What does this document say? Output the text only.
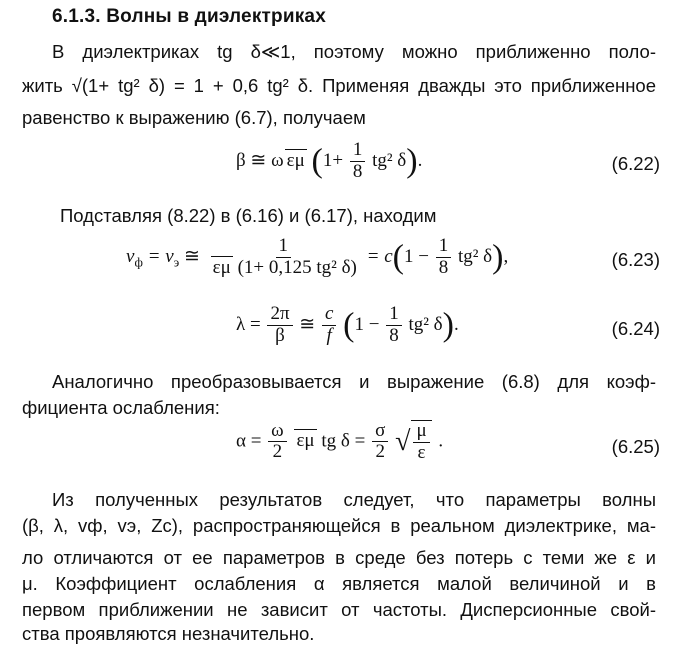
6.1.3. Волны в диэлектриках
В диэлектриках tg δ≪1, поэтому можно приближенно поло-
жить √(1+ tg² δ) = 1 + 0,6 tg² δ. Применяя дважды это приближенное
равенство к выражению (6.7), получаем
β ≅ ω εμ ($1+ \frac{1}{8} tg^2$ δ).	(6.22)
Подставляя (8.22) в (6.16) и (6.17), находим
$v_ф = v_э$ ≅ $\frac{1}{\text{εμ (1+ 0,125 tg² δ)}} = c(1 - \frac{1}{8} tg^2$ δ),	(6.23)
$\lambda = \frac{2\pi}{\beta}$ ≅ $\frac{c}{f} (1 - \frac{1}{8} tg^2$ δ).	(6.24)
Аналогично преобразовывается и выражение (6.8) для коэф-
фициента ослабления:
$\alpha = \frac{\omega}{2}$ εμ tg $\delta = \frac{\sigma}{2}$ √ $\frac{\mu}{\varepsilon}$ .	(6.25)
Из полученных результатов следует, что параметры волны
(β, λ, vф, vэ, Zc), распространяющейся в реальном диэлектрике, ма-
ло отличаются от ее параметров в среде без потерь с теми же ε и
μ. Коэффициент ослабления α является малой величиной и в
первом приближении не зависит от частоты. Дисперсионные свой-
ства проявляются незначительно.
